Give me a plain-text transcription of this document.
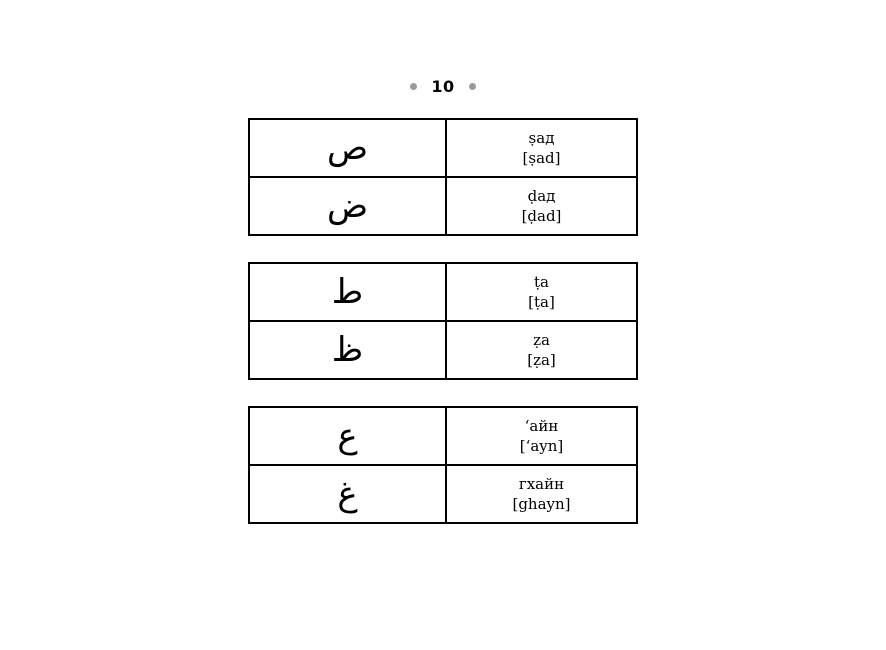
10
ص	ṣад
[ṣad]

ض	ḍад
[ḍad]
ط	ṭа
[ṭa]

ظ	ẓа
[ẓa]
ع	ʻайн
[ʻayn]

غ	гхайн
[ghayn]
